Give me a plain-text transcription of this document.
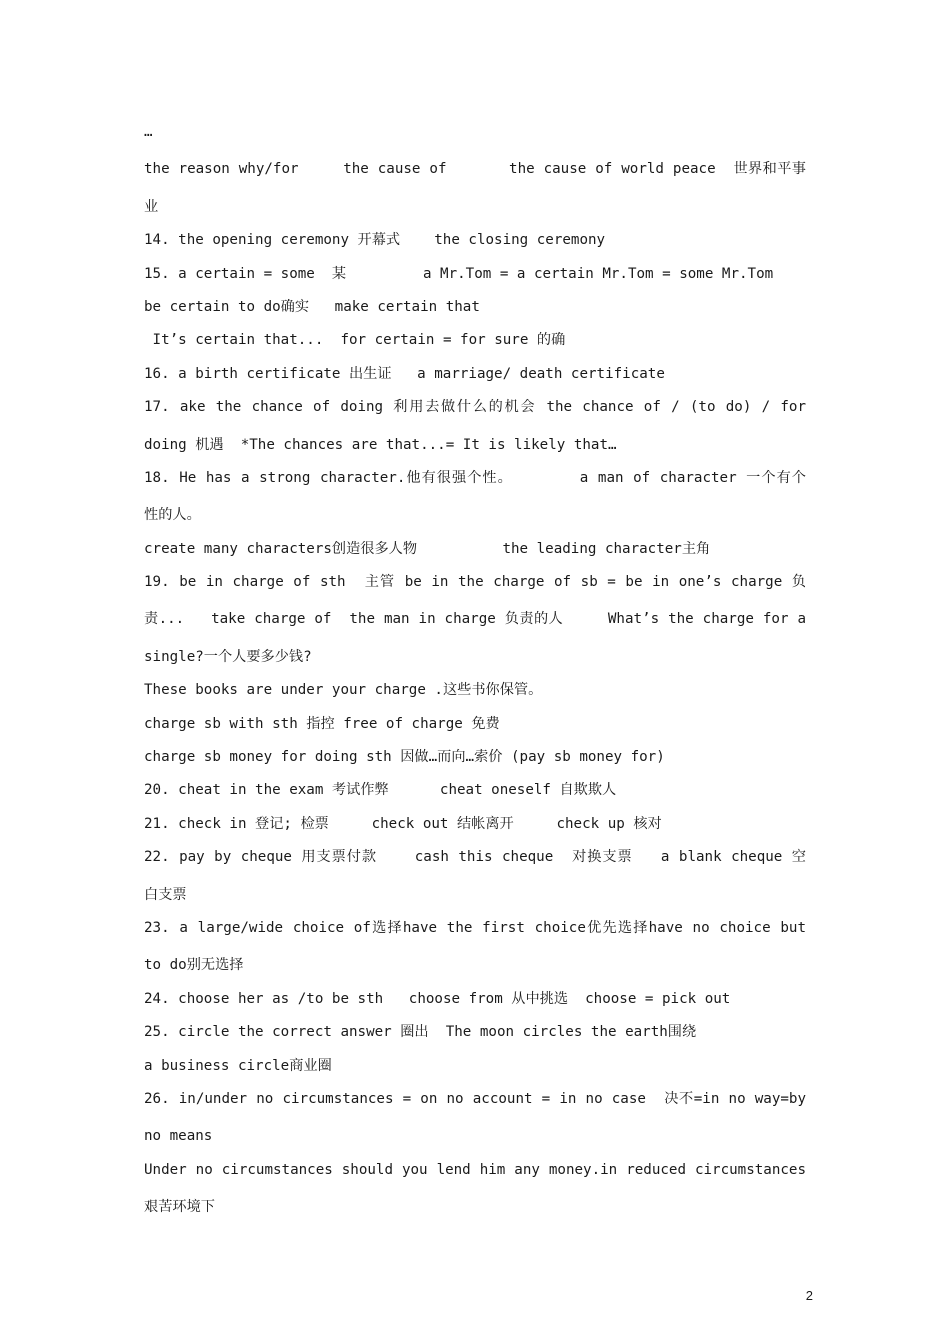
…

the reason why/for     the cause of       the cause of world peace  世界和平事

业

14. the opening ceremony 开幕式    the closing ceremony

15. a certain = some  某         a Mr.Tom = a certain Mr.Tom = some Mr.Tom

be certain to do确实   make certain that

It’s certain that...  for certain = for sure 的确

16. a birth certificate 出生证   a marriage/ death certificate

17. ake the chance of doing 利用去做什么的机会 the chance of / (to do) / for

doing 机遇  *The chances are that...= It is likely that…

18. He has a strong character.他有很强个性。       a man of character 一个有个

性的人。

create many characters创造很多人物          the leading character主角

19. be in charge of sth  主管 be in the charge of sb = be in one’s charge 负

责...   take charge of  the man in charge 负责的人     What’s the charge for a

single?一个人要多少钱?

These books are under your charge .这些书你保管。

charge sb with sth 指控 free of charge 免费

charge sb money for doing sth 因做…而向…索价 (pay sb money for)

20. cheat in the exam 考试作弊      cheat oneself 自欺欺人

21. check in 登记; 检票     check out 结帐离开     check up 核对

22. pay by cheque 用支票付款    cash this cheque  对换支票   a blank cheque 空

白支票

23. a large/wide choice of选择have the first choice优先选择have no choice but

to do别无选择

24. choose her as /to be sth   choose from 从中挑选  choose = pick out

25. circle the correct answer 圈出  The moon circles the earth围绕

a business circle商业圈

26. in/under no circumstances = on no account = in no case  决不=in no way=by

no means

Under no circumstances should you lend him any money.in reduced circumstances

艰苦环境下

2
